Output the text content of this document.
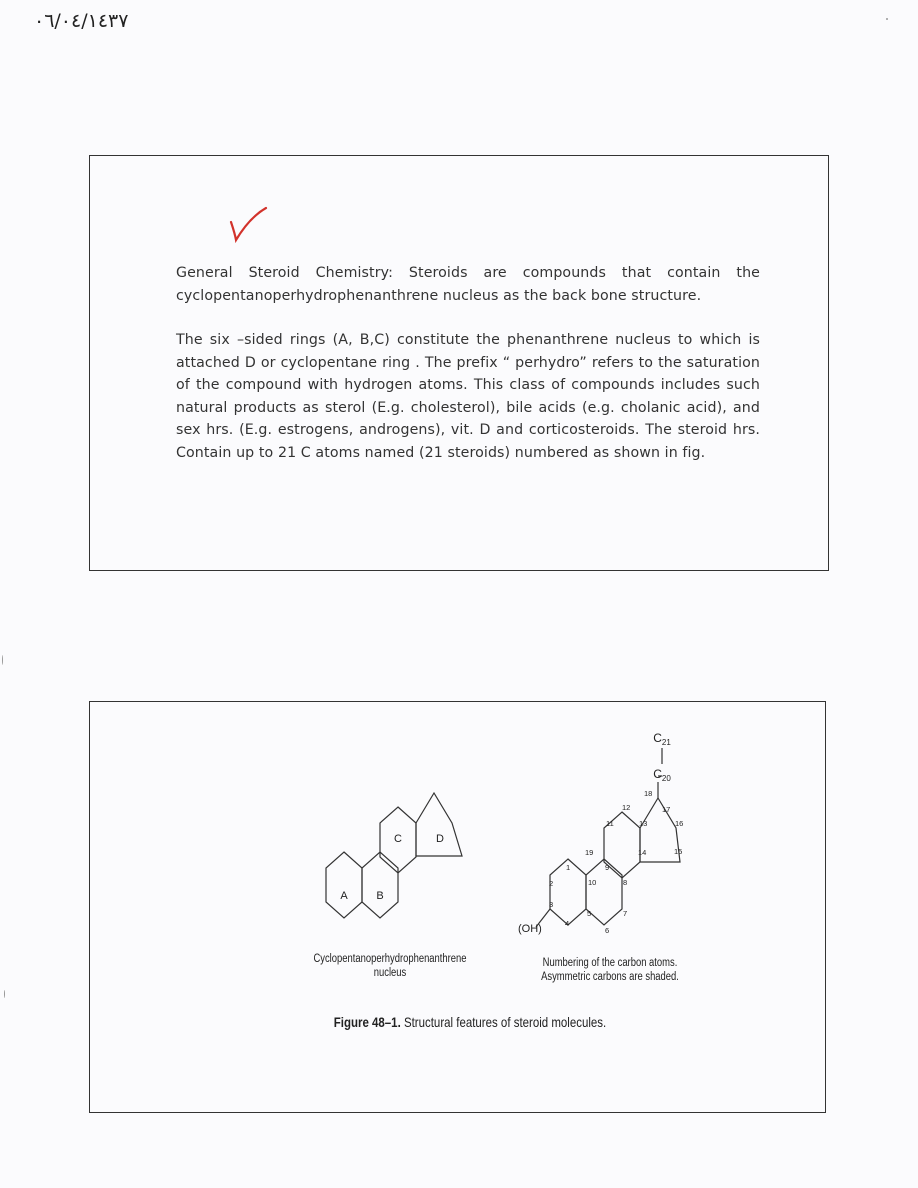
٠٦/٠٤/١٤٣٧
General Steroid Chemistry: Steroids are compounds that contain the cyclopentanoperhydrophenanthrene nucleus as the back bone structure.
The six –sided rings (A, B,C) constitute the phenanthrene nucleus to which is attached D or cyclopentane ring . The prefix “ perhydro” refers to the saturation of the compound with hydrogen atoms. This class of compounds includes such natural products as sterol (E.g. cholesterol), bile acids (e.g. cholanic acid), and sex hrs. (E.g. estrogens, androgens), vit. D and corticosteroids. The steroid hrs. Contain up to 21 C atoms named (21 steroids) numbered as shown in fig.
A	B
C	D
$C_{21}$
$C_{20}$
(OH)
1
2
3
4
5
6
7
8
9
10
11
12
13
14	15
16
17
18
19
Cyclopentanoperhydrophenanthrene
nucleus
Numbering of the carbon atoms.
Asymmetric carbons are shaded.
Figure 48–1. Structural features of steroid molecules.
